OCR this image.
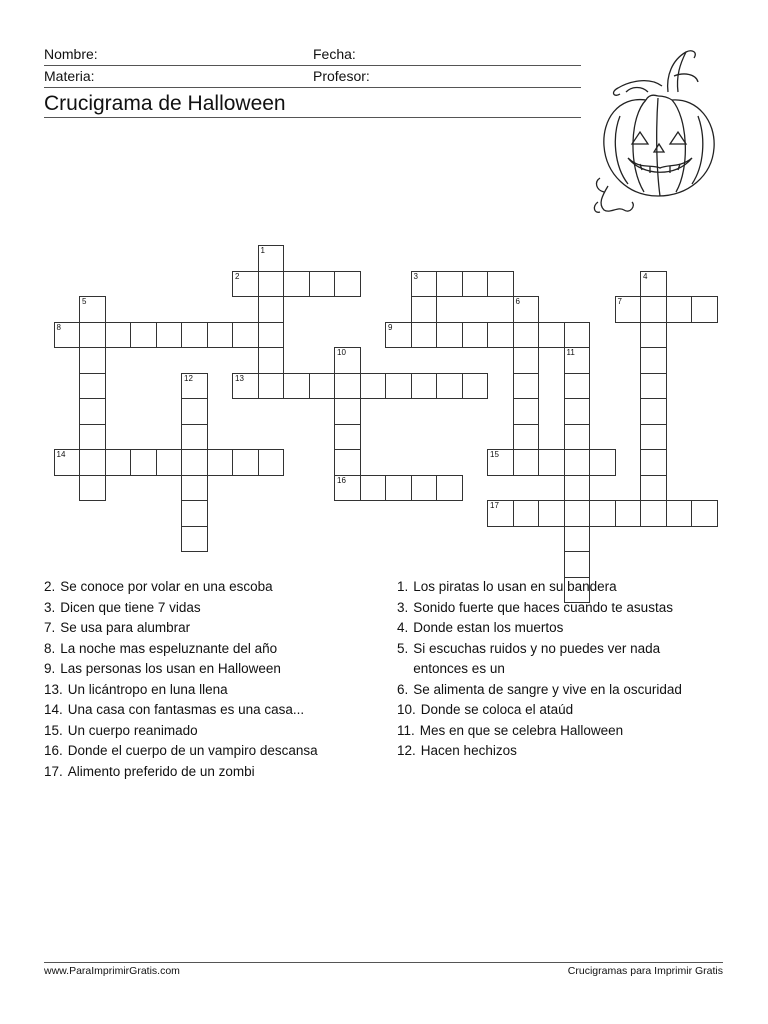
Nombre:	Fecha:
Materia:	Profesor:
Crucigrama de Halloween
1
2	3	4
5	6	7
8	9
10
16
11
12	13
14	15
17
2. Se conoce por volar en una escoba
3. Dicen que tiene 7 vidas
7. Se usa para alumbrar
8. La noche mas espeluznante del año
9. Las personas los usan en Halloween
13. Un licántropo en luna llena
14. Una casa con fantasmas es una casa...
15. Un cuerpo reanimado
16. Donde el cuerpo de un vampiro descansa
17. Alimento preferido de un zombi
1. Los piratas lo usan en su bandera
3. Sonido fuerte que haces cuando te asustas
4. Donde estan los muertos
5. Si escuchas ruidos y no puedes ver nada entonces es un
6. Se alimenta de sangre y vive en la oscuridad
10. Donde se coloca el ataúd
11. Mes en que se celebra Halloween
12. Hacen hechizos
www.ParaImprimirGratis.com	Crucigramas para Imprimir Gratis
